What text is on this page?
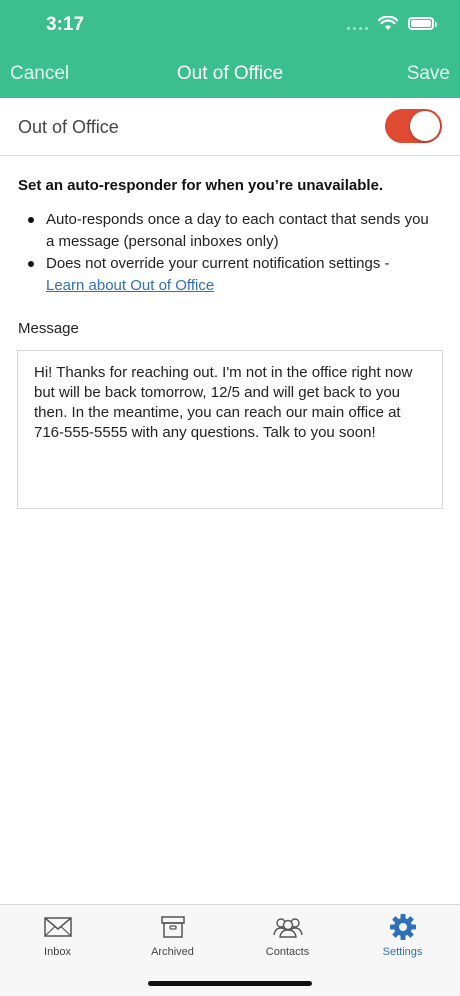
3:17
Cancel	Out of Office	Save
Out of Office
Set an auto-responder for when you’re unavailable.
Auto-responds once a day to each contact that sends you a message (personal inboxes only)
Does not override your current notification settings -
Learn about Out of Office
Message
Hi! Thanks for reaching out. I'm not in the office right now but will be back tomorrow, 12/5 and will get back to you then. In the meantime, you can reach our main office at 716-555-5555 with any questions. Talk to you soon!
Inbox	Archived	Contacts	Settings
